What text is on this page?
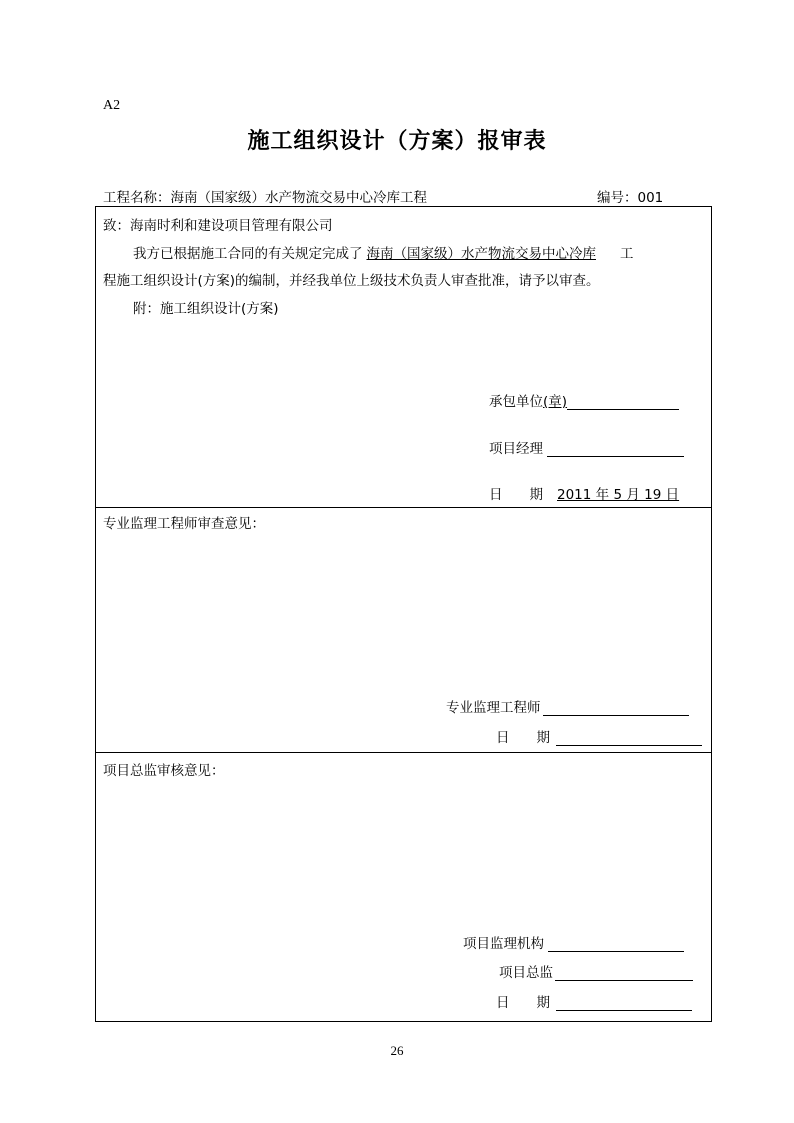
A2
施工组织设计（方案）报审表
工程名称：海南（国家级）水产物流交易中心冷库工程	编号：001
致：海南时利和建设项目管理有限公司
我方已根据施工合同的有关规定完成了 海南（国家级）水产物流交易中心冷库 工
程施工组织设计(方案)的编制，并经我单位上级技术负责人审查批准，请予以审查。
附：施工组织设计(方案)
承包单位(章)
项目经理
日　　期 2011 年 5 月 19 日

专业监理工程师审查意见：
专业监理工程师
日　　期

项目总监审核意见：
项目监理机构
项目总监
日　　期
26
